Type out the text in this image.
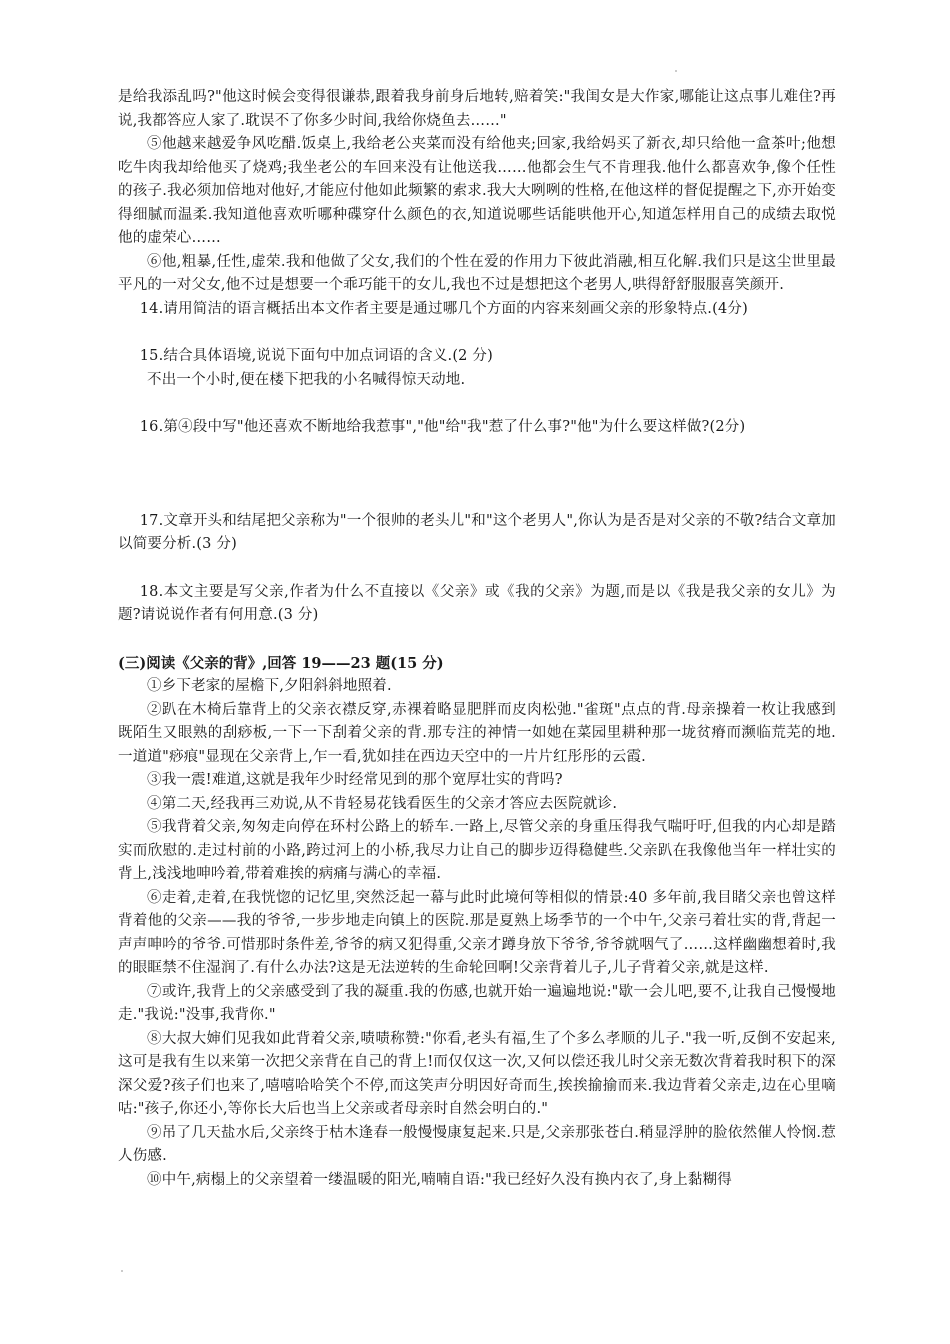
是给我添乱吗?"他这时候会变得很谦恭,跟着我身前身后地转,赔着笑:"我闺女是大作家,哪能让这点事儿难住?再说,我都答应人家了.耽误不了你多少时间,我给你烧鱼去……"

⑤他越来越爱争风吃醋.饭桌上,我给老公夹菜而没有给他夹;回家,我给妈买了新衣,却只给他一盒茶叶;他想吃牛肉我却给他买了烧鸡;我坐老公的车回来没有让他送我……他都会生气不肯理我.他什么都喜欢争,像个任性的孩子.我必须加倍地对他好,才能应付他如此频繁的索求.我大大咧咧的性格,在他这样的督促提醒之下,亦开始变得细腻而温柔.我知道他喜欢听哪种碟穿什么颜色的衣,知道说哪些话能哄他开心,知道怎样用自己的成绩去取悦他的虚荣心……

⑥他,粗暴,任性,虚荣.我和他做了父女,我们的个性在爱的作用力下彼此消融,相互化解.我们只是这尘世里最平凡的一对父女,他不过是想要一个乖巧能干的女儿,我也不过是想把这个老男人,哄得舒舒服服喜笑颜开.

14.请用简洁的语言概括出本文作者主要是通过哪几个方面的内容来刻画父亲的形象特点.(4分)

15.结合具体语境,说说下面句中加点词语的含义.(2 分)

不出一个小时,便在楼下把我的小名喊得惊天动地.

16.第④段中写"他还喜欢不断地给我惹事","他"给"我"惹了什么事?"他"为什么要这样做?(2分)

17.文章开头和结尾把父亲称为"一个很帅的老头儿"和"这个老男人",你认为是否是对父亲的不敬?结合文章加以简要分析.(3 分)

18.本文主要是写父亲,作者为什么不直接以《父亲》或《我的父亲》为题,而是以《我是我父亲的女儿》为题?请说说作者有何用意.(3 分)

(三)阅读《父亲的背》,回答 19——23 题(15 分)

①乡下老家的屋檐下,夕阳斜斜地照着.

②趴在木椅后靠背上的父亲衣襟反穿,赤裸着略显肥胖而皮肉松弛."雀斑"点点的背.母亲操着一枚让我感到既陌生又眼熟的刮痧板,一下一下刮着父亲的背.那专注的神情一如她在菜园里耕种那一垅贫瘠而濒临荒芜的地.一道道"痧痕"显现在父亲背上,乍一看,犹如挂在西边天空中的一片片红彤彤的云霞.

③我一震!难道,这就是我年少时经常见到的那个宽厚壮实的背吗?

④第二天,经我再三劝说,从不肯轻易花钱看医生的父亲才答应去医院就诊.

⑤我背着父亲,匆匆走向停在环村公路上的轿车.一路上,尽管父亲的身重压得我气喘吁吁,但我的内心却是踏实而欣慰的.走过村前的小路,跨过河上的小桥,我尽力让自己的脚步迈得稳健些.父亲趴在我像他当年一样壮实的背上,浅浅地呻吟着,带着难挨的病痛与满心的幸福.

⑥走着,走着,在我恍惚的记忆里,突然泛起一幕与此时此境何等相似的情景:40 多年前,我目睹父亲也曾这样背着他的父亲——我的爷爷,一步步地走向镇上的医院.那是夏熟上场季节的一个中午,父亲弓着壮实的背,背起一声声呻吟的爷爷.可惜那时条件差,爷爷的病又犯得重,父亲才蹲身放下爷爷,爷爷就咽气了……这样幽幽想着时,我的眼眶禁不住湿润了.有什么办法?这是无法逆转的生命轮回啊!父亲背着儿子,儿子背着父亲,就是这样.

⑦或许,我背上的父亲感受到了我的凝重.我的伤感,也就开始一遍遍地说:"歇一会儿吧,要不,让我自己慢慢地走."我说:"没事,我背你."

⑧大叔大婶们见我如此背着父亲,啧啧称赞:"你看,老头有福,生了个多么孝顺的儿子."我一听,反倒不安起来,这可是我有生以来第一次把父亲背在自己的背上!而仅仅这一次,又何以偿还我儿时父亲无数次背着我时积下的深深父爱?孩子们也来了,嘻嘻哈哈笑个不停,而这笑声分明因好奇而生,挨挨揄揄而来.我边背着父亲走,边在心里嘀咕:"孩子,你还小,等你长大后也当上父亲或者母亲时自然会明白的."

⑨吊了几天盐水后,父亲终于枯木逢春一般慢慢康复起来.只是,父亲那张苍白.稍显浮肿的脸依然催人怜悯.惹人伤感.

⑩中午,病榻上的父亲望着一缕温暖的阳光,喃喃自语:"我已经好久没有换内衣了,身上黏糊得
